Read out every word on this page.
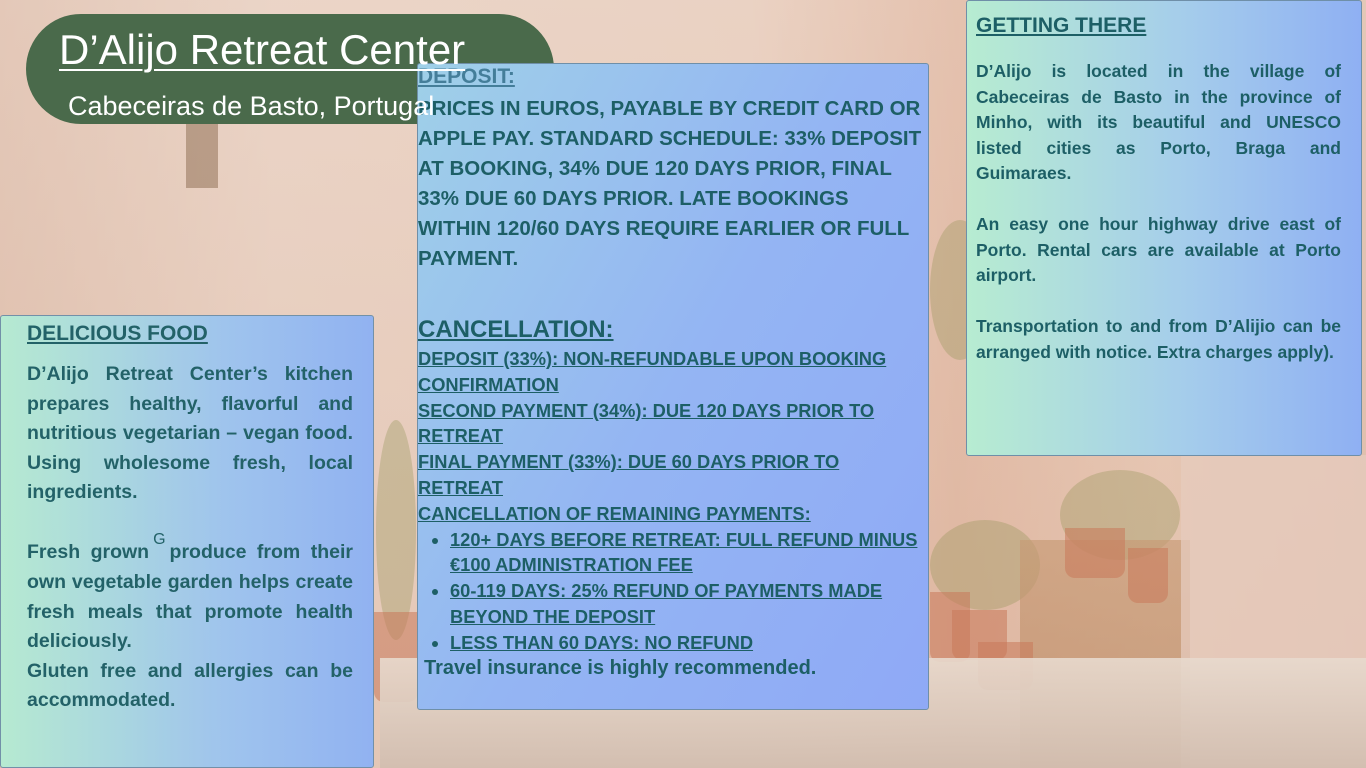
D’Alijo Retreat Center

Cabeceiras de Basto, Portugal

DEPOSIT:

PRICES IN EUROS, PAYABLE BY CREDIT CARD OR APPLE PAY. STANDARD SCHEDULE: 33% DEPOSIT AT BOOKING, 34% DUE 120 DAYS PRIOR, FINAL 33% DUE 60 DAYS PRIOR. LATE BOOKINGS WITHIN 120/60 DAYS REQUIRE EARLIER OR FULL PAYMENT.

CANCELLATION:

DEPOSIT (33%): NON-REFUNDABLE UPON BOOKING CONFIRMATION

SECOND PAYMENT (34%): DUE 120 DAYS PRIOR TO RETREAT

FINAL PAYMENT (33%): DUE 60 DAYS PRIOR TO RETREAT

CANCELLATION OF REMAINING PAYMENTS:

• 120+ DAYS BEFORE RETREAT: FULL REFUND MINUS €100 ADMINISTRATION FEE
• 60-119 DAYS: 25% REFUND OF PAYMENTS MADE BEYOND THE DEPOSIT
• LESS THAN 60 DAYS: NO REFUND

Travel insurance is highly recommended.

DELICIOUS FOOD

D’Alijo Retreat Center’s kitchen prepares healthy, flavorful and nutritious vegetarian – vegan food. Using wholesome fresh, local ingredients.

Fresh grown$^G$produce from their own vegetable garden helps create fresh meals that promote health deliciously.

Gluten free and allergies can be accommodated.

GETTING THERE

D’Alijo is located in the village of Cabeceiras de Basto in the province of Minho, with its beautiful and UNESCO listed cities as Porto, Braga and Guimaraes.

An easy one hour highway drive east of Porto. Rental cars are available at Porto airport.

Transportation to and from D’Alijio can be arranged with notice. Extra charges apply).
